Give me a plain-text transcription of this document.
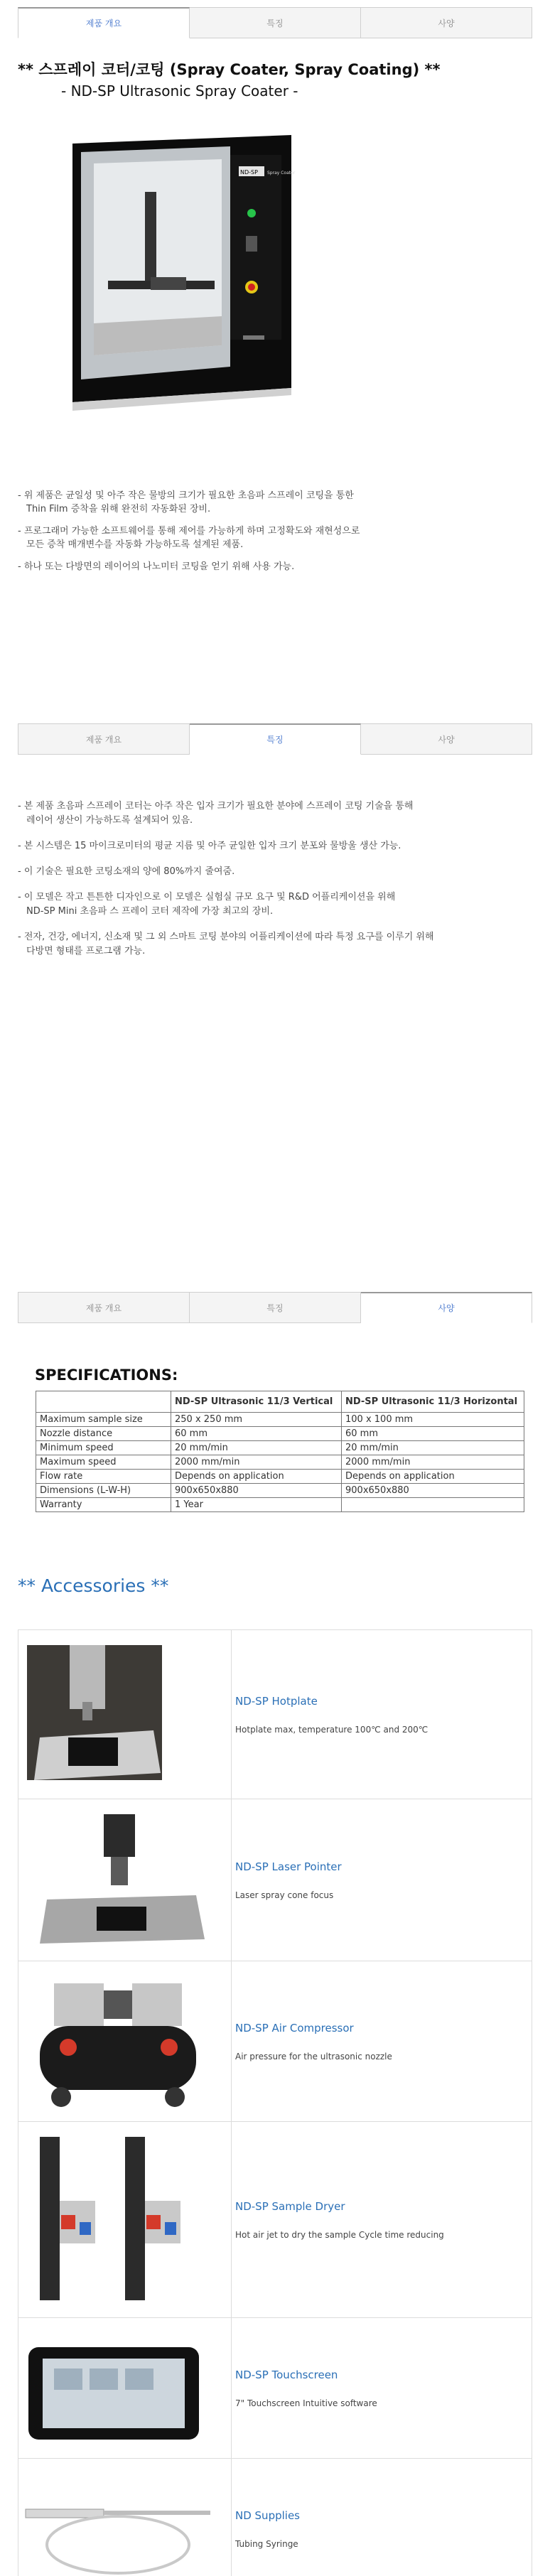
제품 개요	특징	사양
** 스프레이 코터/코팅 (Spray Coater, Spray Coating) **
- ND-SP Ultrasonic Spray Coater -
ND-SP Spray Coater
- 위 제품은 균일성 및 아주 작은 물방의 크기가 필요한 초음파 스프레이 코팅을 통한
Thin Film 증착을 위해 완전히 자동화된 장비.
- 프로그래머 가능한 소프트웨어를 통해 제어를 가능하게 하며 고정확도와 재현성으로
모든 증착 매개변수를 자동화 가능하도록 설계된 제품.
- 하나 또는 다방면의 레이어의 나노미터 코팅을 얻기 위해 사용 가능.
제품 개요	특징	사양
- 본 제품 초음파 스프레이 코터는 아주 작은 입자 크기가 필요한 분야에 스프레이 코팅 기술을 통해
레이어 생산이 가능하도록 설계되어 있음.
- 본 시스템은 15 마이크로미터의 평균 지름 및 아주 균일한 입자 크기 분포와 물방울 생산 가능.
- 이 기술은 필요한 코팅소재의 양에 80%까지 줄여줌.
- 이 모델은 작고 튼튼한 디자인으로 이 모델은 실험실 규모 요구 및 R&D 어플리케이션을 위해
ND-SP Mini 초음파 스 프레이 코터 제작에 가장 최고의 장비.
- 전자, 건강, 에너지, 신소재 및 그 외 스마트 코팅 분야의 어플리케이션에 따라 특정 요구를 이루기 위해
다방면 형태를 프로그램 가능.
제품 개요	특징	사양
SPECIFICATIONS:
	ND-SP Ultrasonic 11/3 Vertical	ND-SP Ultrasonic 11/3 Horizontal
Maximum sample size	250 x 250 mm	100 x 100 mm
Nozzle distance	60 mm	60 mm
Minimum speed	20 mm/min	20 mm/min
Maximum speed	2000 mm/min	2000 mm/min
Flow rate	Depends on application	Depends on application
Dimensions (L-W-H)	900x650x880	900x650x880
Warranty	1 Year	
** Accessories **

ND-SP Hotplate
Hotplate max, temperature 100℃ and 200℃

ND-SP Laser Pointer
Laser spray cone focus

ND-SP Air Compressor
Air pressure for the ultrasonic nozzle

ND-SP Sample Dryer
Hot air jet to dry the sample Cycle time reducing

ND-SP Touchscreen
7" Touchscreen Intuitive software

ND Supplies
Tubing Syringe
